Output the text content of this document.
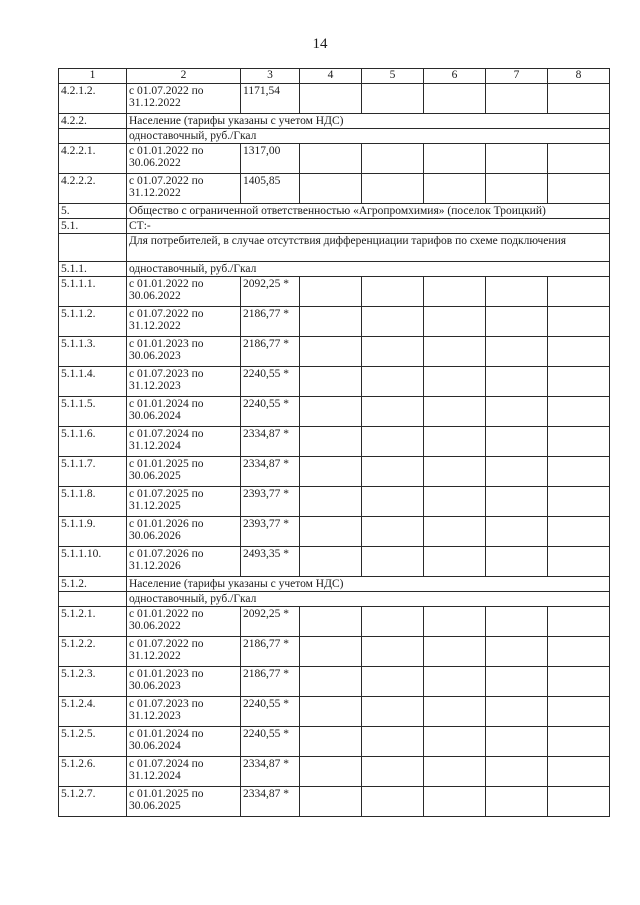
14
1	2	3	4	5	6	7	8
4.2.1.2.	с 01.07.2022 по 31.12.2022	1171,54					
4.2.2.	Население (тарифы указаны с учетом НДС)						
	одноставочный, руб./Гкал						
4.2.2.1.	с 01.01.2022 по 30.06.2022	1317,00					
4.2.2.2.	с 01.07.2022 по 31.12.2022	1405,85					
5.	Общество с ограниченной ответственностью «Агропромхимия» (поселок Троицкий)						
5.1.	СТ:-						
	Для потребителей, в случае отсутствия дифференциации тарифов по схеме подключения						
5.1.1.	одноставочный, руб./Гкал						
5.1.1.1.	с 01.01.2022 по 30.06.2022	2092,25 *					
5.1.1.2.	с 01.07.2022 по 31.12.2022	2186,77 *					
5.1.1.3.	с 01.01.2023 по 30.06.2023	2186,77 *					
5.1.1.4.	с 01.07.2023 по 31.12.2023	2240,55 *					
5.1.1.5.	с 01.01.2024 по 30.06.2024	2240,55 *					
5.1.1.6.	с 01.07.2024 по 31.12.2024	2334,87 *					
5.1.1.7.	с 01.01.2025 по 30.06.2025	2334,87 *					
5.1.1.8.	с 01.07.2025 по 31.12.2025	2393,77 *					
5.1.1.9.	с 01.01.2026 по 30.06.2026	2393,77 *					
5.1.1.10.	с 01.07.2026 по 31.12.2026	2493,35 *					
5.1.2.	Население (тарифы указаны с учетом НДС)						
	одноставочный, руб./Гкал						
5.1.2.1.	с 01.01.2022 по 30.06.2022	2092,25 *					
5.1.2.2.	с 01.07.2022 по 31.12.2022	2186,77 *					
5.1.2.3.	с 01.01.2023 по 30.06.2023	2186,77 *					
5.1.2.4.	с 01.07.2023 по 31.12.2023	2240,55 *					
5.1.2.5.	с 01.01.2024 по 30.06.2024	2240,55 *					
5.1.2.6.	с 01.07.2024 по 31.12.2024	2334,87 *					
5.1.2.7.	с 01.01.2025 по 30.06.2025	2334,87 *					
